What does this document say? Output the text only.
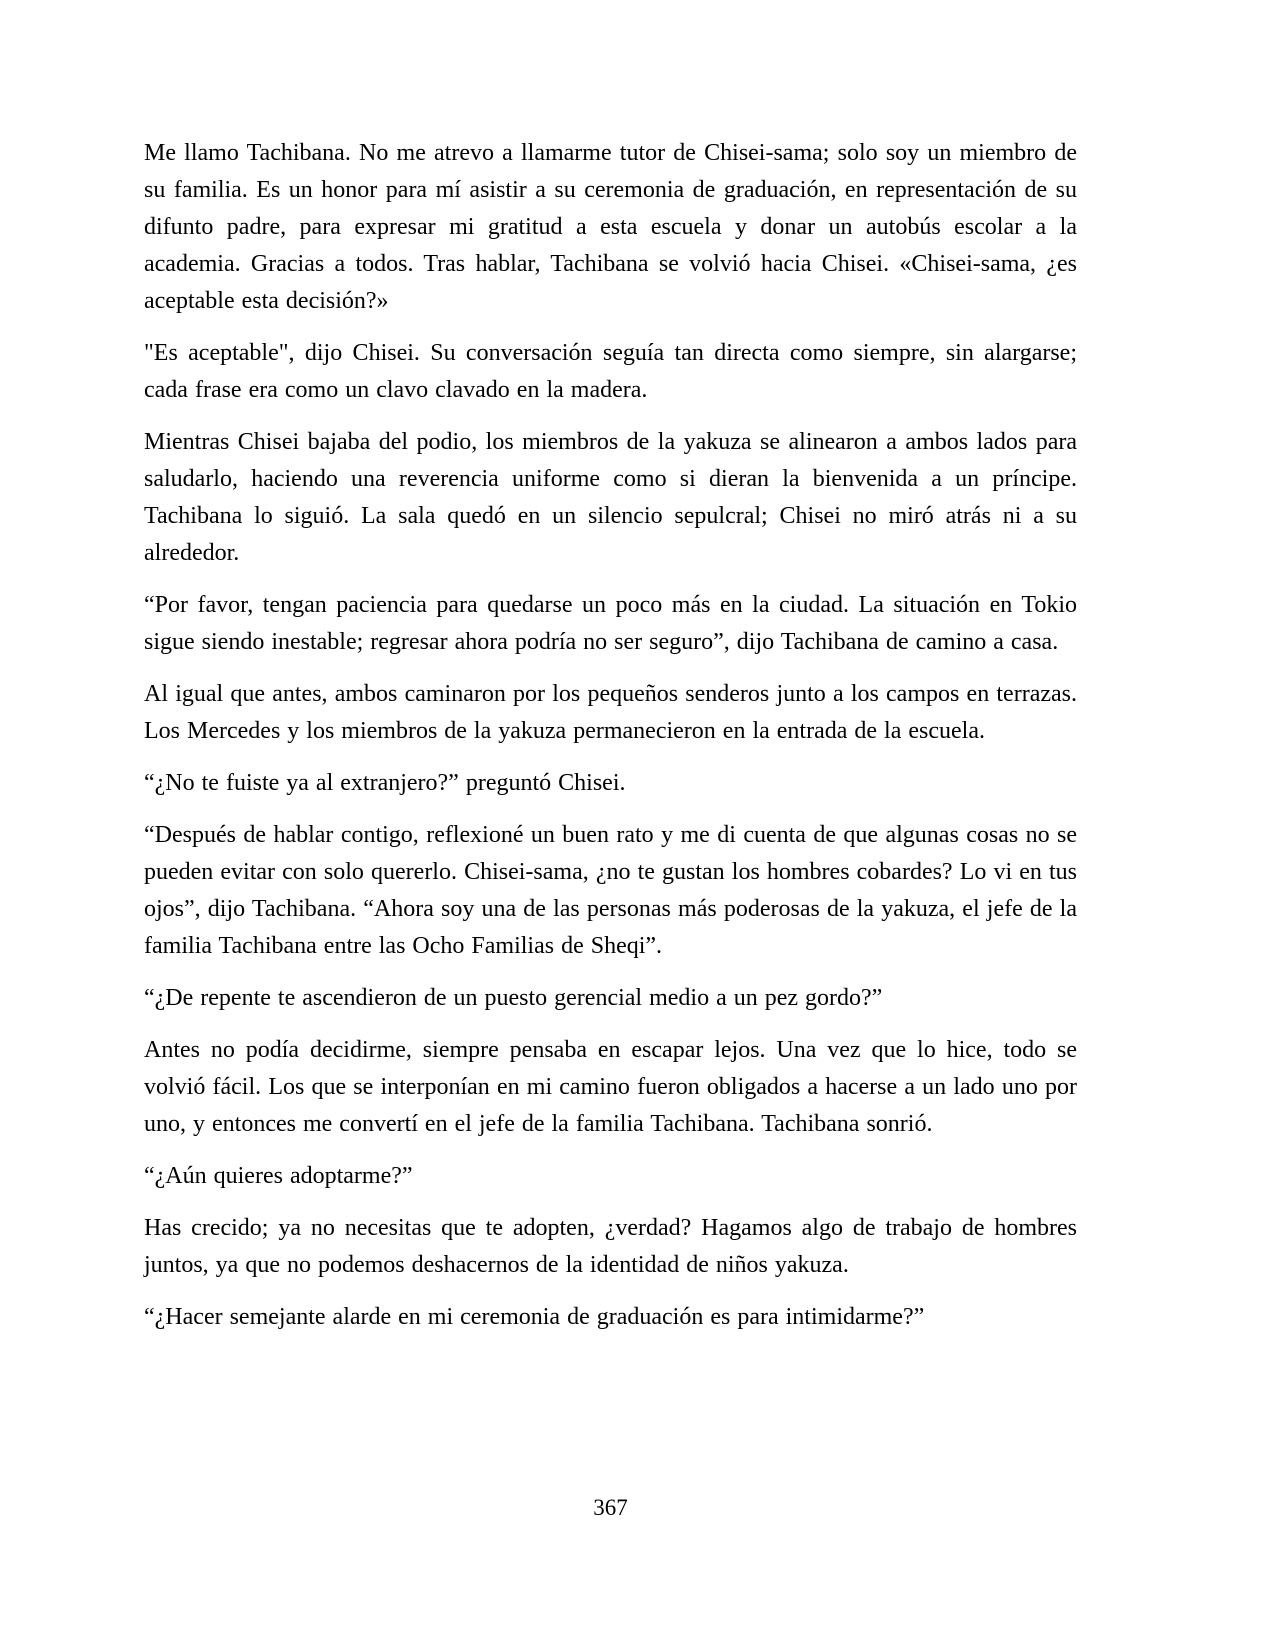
Me llamo Tachibana. No me atrevo a llamarme tutor de Chisei-sama; solo soy un miembro de su familia. Es un honor para mí asistir a su ceremonia de graduación, en representación de su difunto padre, para expresar mi gratitud a esta escuela y donar un autobús escolar a la academia. Gracias a todos. Tras hablar, Tachibana se volvió hacia Chisei. «Chisei-sama, ¿es aceptable esta decisión?»

"Es aceptable", dijo Chisei. Su conversación seguía tan directa como siempre, sin alargarse; cada frase era como un clavo clavado en la madera.

Mientras Chisei bajaba del podio, los miembros de la yakuza se alinearon a ambos lados para saludarlo, haciendo una reverencia uniforme como si dieran la bienvenida a un príncipe. Tachibana lo siguió. La sala quedó en un silencio sepulcral; Chisei no miró atrás ni a su alrededor.

“Por favor, tengan paciencia para quedarse un poco más en la ciudad. La situación en Tokio sigue siendo inestable; regresar ahora podría no ser seguro”, dijo Tachibana de camino a casa.

Al igual que antes, ambos caminaron por los pequeños senderos junto a los campos en terrazas. Los Mercedes y los miembros de la yakuza permanecieron en la entrada de la escuela.

“¿No te fuiste ya al extranjero?” preguntó Chisei.

“Después de hablar contigo, reflexioné un buen rato y me di cuenta de que algunas cosas no se pueden evitar con solo quererlo. Chisei-sama, ¿no te gustan los hombres cobardes? Lo vi en tus ojos”, dijo Tachibana. “Ahora soy una de las personas más poderosas de la yakuza, el jefe de la familia Tachibana entre las Ocho Familias de Sheqi”.

“¿De repente te ascendieron de un puesto gerencial medio a un pez gordo?”

Antes no podía decidirme, siempre pensaba en escapar lejos. Una vez que lo hice, todo se volvió fácil. Los que se interponían en mi camino fueron obligados a hacerse a un lado uno por uno, y entonces me convertí en el jefe de la familia Tachibana. Tachibana sonrió.

“¿Aún quieres adoptarme?”

Has crecido; ya no necesitas que te adopten, ¿verdad? Hagamos algo de trabajo de hombres juntos, ya que no podemos deshacernos de la identidad de niños yakuza.

“¿Hacer semejante alarde en mi ceremonia de graduación es para intimidarme?”

367
